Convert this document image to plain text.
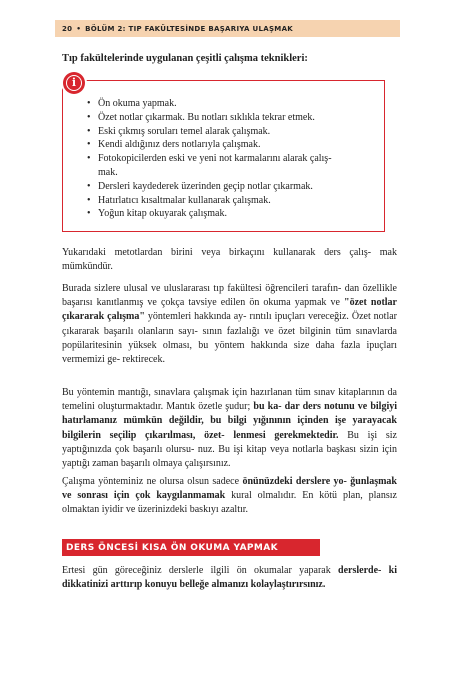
20 • BÖLÜM 2: TIP FAKÜLTESİNDE BAŞARIYA ULAŞMAK
Tıp fakültelerinde uygulanan çeşitli çalışma teknikleri:
• Ön okuma yapmak.
• Özet notlar çıkarmak. Bu notları sıklıkla tekrar etmek.
• Eski çıkmış soruları temel alarak çalışmak.
• Kendi aldığınız ders notlarıyla çalışmak.
• Fotokopicilerden eski ve yeni not karmalarını alarak çalış-
mak.
• Dersleri kaydederek üzerinden geçip notlar çıkarmak.
• Hatırlatıcı kısaltmalar kullanarak çalışmak.
• Yoğun kitap okuyarak çalışmak.
i
Yukarıdaki metotlardan birini veya birkaçını kullanarak ders çalış- mak mümkündür.
Burada sizlere ulusal ve uluslararası tıp fakültesi öğrencileri tarafın- dan özellikle başarısı kanıtlanmış ve çokça tavsiye edilen ön okuma yapmak ve "özet notlar çıkararak çalışma" yöntemleri hakkında ay- rıntılı ipuçları vereceğiz. Özet notlar çıkararak başarılı olanların sayı- sının fazlalığı ve özet bilginin tüm sınavlarda popülaritesinin yüksek olması, bu yöntem hakkında size daha fazla ipuçları vermemizi ge- rektirecek.
Bu yöntemin mantığı, sınavlara çalışmak için hazırlanan tüm sınav kitaplarının da temelini oluşturmaktadır. Mantık özetle şudur; bu ka- dar ders notunu ve bilgiyi hatırlamanız mümkün değildir, bu bilgi yığınının içinden işe yarayacak bilgilerin seçilip çıkarılması, özet- lenmesi gerekmektedir. Bu işi siz yaptığınızda çok başarılı olursu- nuz. Bu işi kitap veya notlarla başkası sizin için yaptığı zaman başarılı olmaya çalışırsınız.
Çalışma yönteminiz ne olursa olsun sadece önünüzdeki derslere yo- ğunlaşmak ve sonrası için çok kaygılanmamak kural olmalıdır. En kötü plan, plansız olmaktan iyidir ve üzerinizdeki baskıyı azaltır.
DERS ÖNCESİ KISA ÖN OKUMA YAPMAK
Ertesi gün göreceğiniz derslerle ilgili ön okumalar yaparak derslerde- ki dikkatinizi arttırıp konuyu belleğe almanızı kolaylaştırırsınız.
